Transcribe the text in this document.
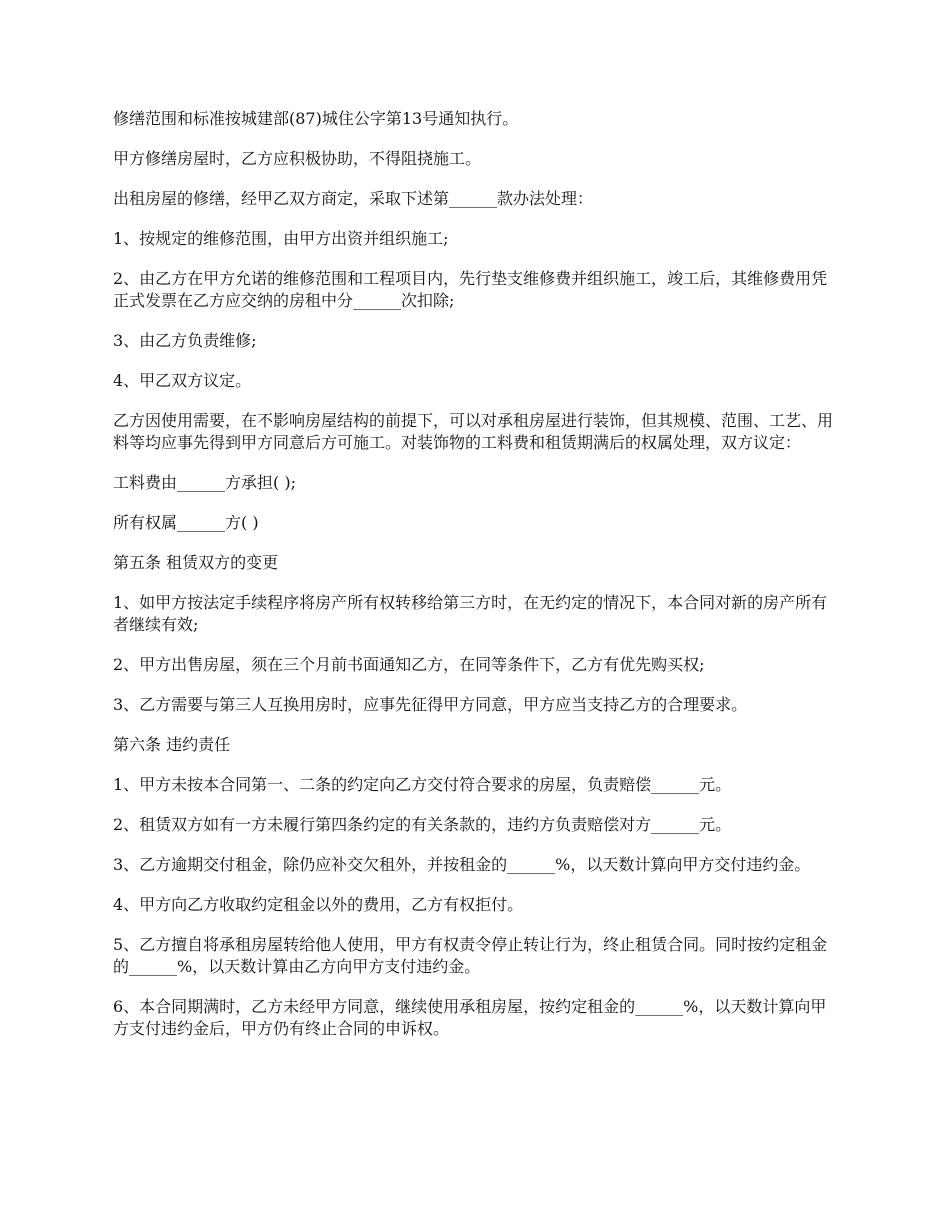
修缮范围和标准按城建部(87)城住公字第13号通知执行。

甲方修缮房屋时，乙方应积极协助，不得阻挠施工。

出租房屋的修缮，经甲乙双方商定，采取下述第______款办法处理：

1、按规定的维修范围，由甲方出资并组织施工;

2、由乙方在甲方允诺的维修范围和工程项目内，先行垫支维修费并组织施工，竣工后，其维修费用凭正式发票在乙方应交纳的房租中分______次扣除;

3、由乙方负责维修;

4、甲乙双方议定。

乙方因使用需要，在不影响房屋结构的前提下，可以对承租房屋进行装饰，但其规模、范围、工艺、用料等均应事先得到甲方同意后方可施工。对装饰物的工料费和租赁期满后的权属处理，双方议定：

工料费由______方承担( );

所有权属______方( )

第五条 租赁双方的变更

1、如甲方按法定手续程序将房产所有权转移给第三方时，在无约定的情况下，本合同对新的房产所有者继续有效;

2、甲方出售房屋，须在三个月前书面通知乙方，在同等条件下，乙方有优先购买权;

3、乙方需要与第三人互换用房时，应事先征得甲方同意，甲方应当支持乙方的合理要求。

第六条 违约责任

1、甲方未按本合同第一、二条的约定向乙方交付符合要求的房屋，负责赔偿______元。

2、租赁双方如有一方未履行第四条约定的有关条款的，违约方负责赔偿对方______元。

3、乙方逾期交付租金，除仍应补交欠租外，并按租金的______%，以天数计算向甲方交付违约金。

4、甲方向乙方收取约定租金以外的费用，乙方有权拒付。

5、乙方擅自将承租房屋转给他人使用，甲方有权责令停止转让行为，终止租赁合同。同时按约定租金的______%，以天数计算由乙方向甲方支付违约金。

6、本合同期满时，乙方未经甲方同意，继续使用承租房屋，按约定租金的______%，以天数计算向甲方支付违约金后，甲方仍有终止合同的申诉权。
